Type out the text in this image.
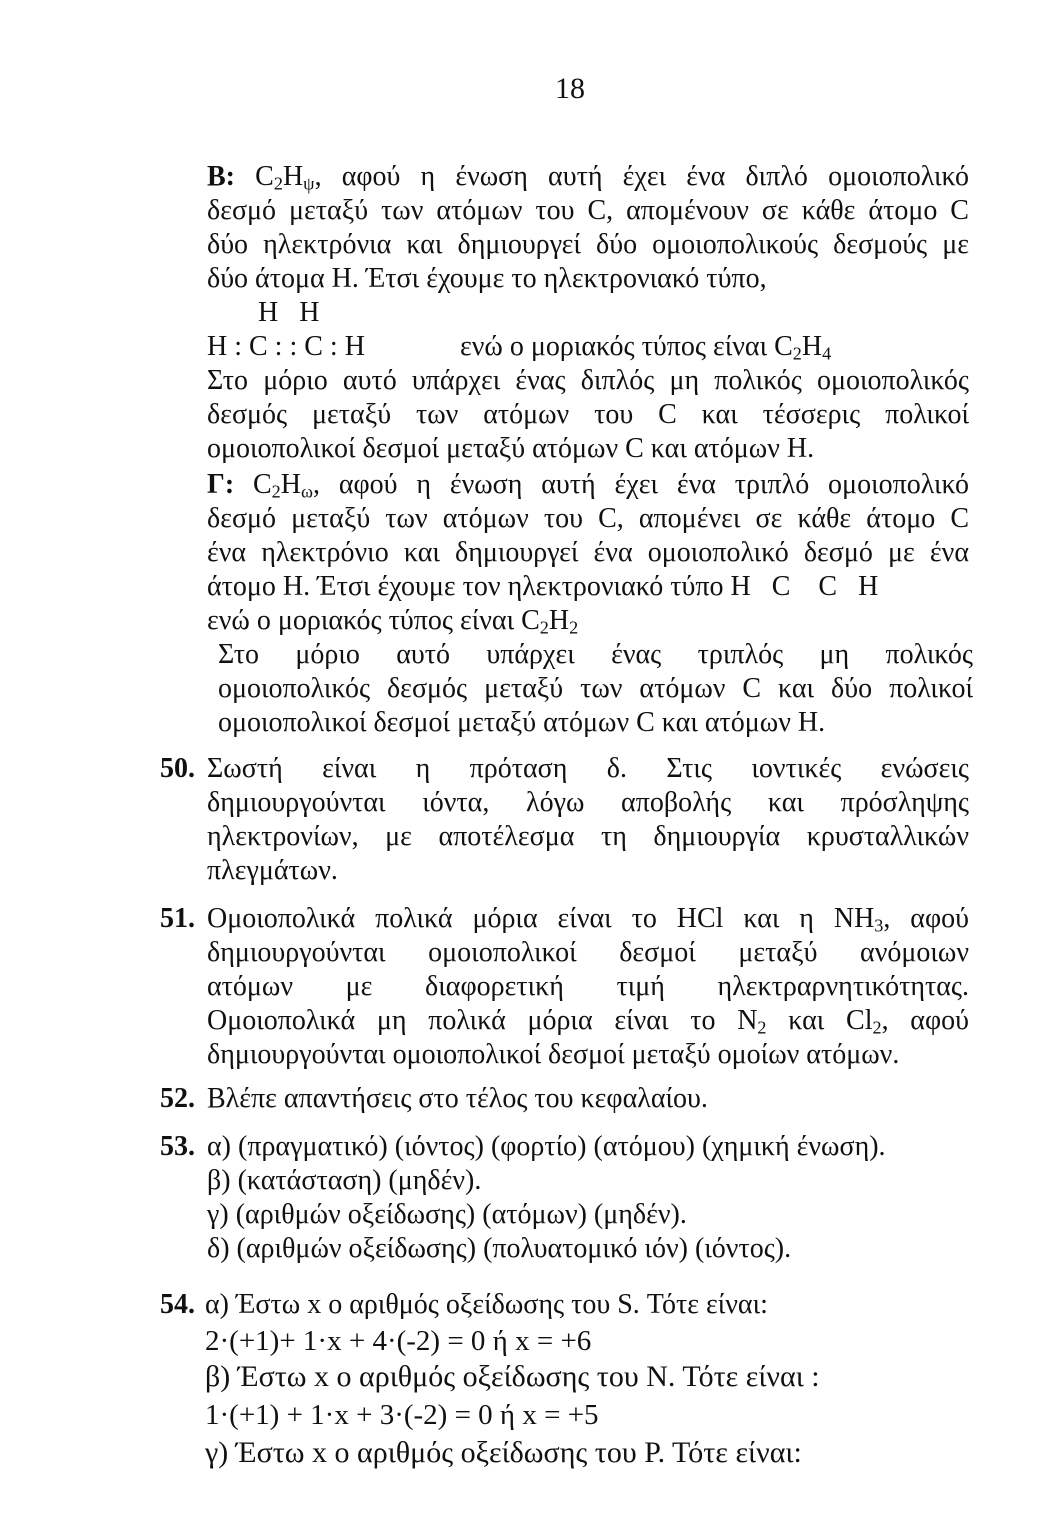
18
Β: $C_2H_\psi$, αφού η ένωση αυτή έχει ένα διπλό ομοιοπολικό
δεσμό μεταξύ των ατόμων του C, απομένουν σε κάθε άτομο C
δύο ηλεκτρόνια και δημιουργεί δύο ομοιοπολικούς δεσμούς με
δύο άτομα Η. Έτσι έχουμε το ηλεκτρονιακό τύπο,
H   H
H : C : : C : H	ενώ ο μοριακός τύπος είναι $C_2H_4$
Στο μόριο αυτό υπάρχει ένας διπλός μη πολικός ομοιοπολικός
δεσμός μεταξύ των ατόμων του C και τέσσερις πολικοί
ομοιοπολικοί δεσμοί μεταξύ ατόμων C και ατόμων Η.
Γ: $C_2H_\omega$, αφού η ένωση αυτή έχει ένα τριπλό ομοιοπολικό
δεσμό μεταξύ των ατόμων του C, απομένει σε κάθε άτομο C
ένα ηλεκτρόνιο και δημιουργεί ένα ομοιοπολικό δεσμό με ένα
άτομο Η. Έτσι έχουμε τον ηλεκτρονιακό τύπο H   C    C   H
ενώ ο μοριακός τύπος είναι $C_2H_2$
Στο μόριο αυτό υπάρχει ένας τριπλός μη πολικός
ομοιοπολικός δεσμός μεταξύ των ατόμων C και δύο πολικοί
ομοιοπολικοί δεσμοί μεταξύ ατόμων C και ατόμων Η.
50. Σωστή είναι η πρόταση δ. Στις ιοντικές ενώσεις
δημιουργούνται ιόντα, λόγω αποβολής και πρόσληψης
ηλεκτρονίων, με αποτέλεσμα τη δημιουργία κρυσταλλικών
πλεγμάτων.
51. Ομοιοπολικά πολικά μόρια είναι το HCl και η $NH_3$, αφού
δημιουργούνται ομοιοπολικοί δεσμοί μεταξύ ανόμοιων
ατόμων με διαφορετική τιμή ηλεκτραρνητικότητας.
Ομοιοπολικά μη πολικά μόρια είναι το $N_2$ και $Cl_2$, αφού
δημιουργούνται ομοιοπολικοί δεσμοί μεταξύ ομοίων ατόμων.
52. Βλέπε απαντήσεις στο τέλος του κεφαλαίου.
53. α) (πραγματικό) (ιόντος) (φορτίο) (ατόμου) (χημική ένωση).
β) (κατάσταση) (μηδέν).
γ) (αριθμών οξείδωσης) (ατόμων) (μηδέν).
δ) (αριθμών οξείδωσης) (πολυατομικό ιόν) (ιόντος).
54. α) Έστω x ο αριθμός οξείδωσης του S. Τότε είναι:
2·(+1)+ 1·x + 4·(-2) = 0 ή x = +6
β) Έστω x ο αριθμός οξείδωσης του Ν. Τότε είναι :
1·(+1) + 1·x + 3·(-2) = 0 ή x = +5
γ) Έστω x ο αριθμός οξείδωσης του Ρ. Τότε είναι:
